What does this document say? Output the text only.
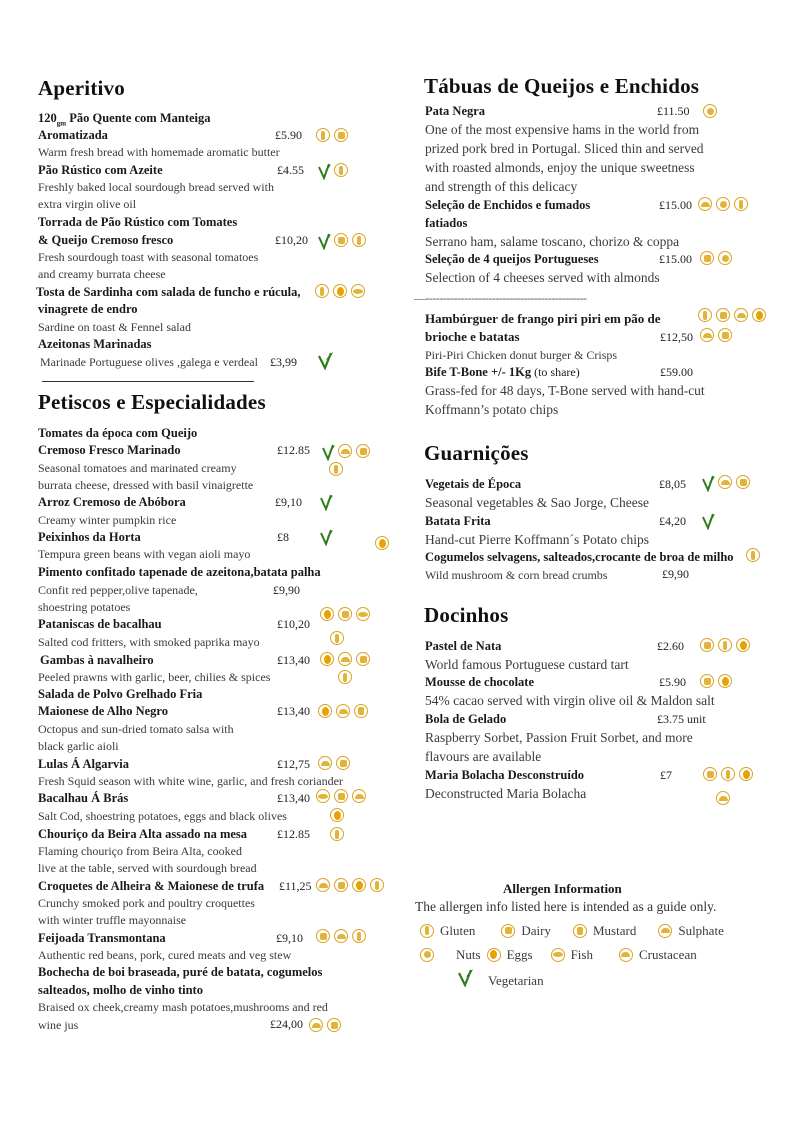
Aperitivo
$120_{gm}$ Pão Quente com Manteiga
Aromatizada	£5.90
Warm fresh bread with homemade aromatic butter
Pão Rústico com Azeite	£4.55
Freshly baked local sourdough bread served with
extra virgin olive oil
Torrada de Pão Rústico com Tomates
& Queijo Cremoso fresco	£10,20
Fresh sourdough toast with seasonal tomatoes
and creamy burrata cheese
Tosta de Sardinha com salada de funcho e rúcula,
vinagrete de endro
Sardine on toast & Fennel salad
Azeitonas Marinadas
Marinade Portuguese olives ,galega e verdeal £3,99
Petiscos e Especialidades
Tomates da época com Queijo
Cremoso Fresco Marinado	£12.85
Seasonal tomatoes and marinated creamy
burrata cheese, dressed with basil vinaigrette
Arroz Cremoso de Abóbora	£9,10
Creamy winter pumpkin rice
Peixinhos da Horta	£8
Tempura green beans with vegan aioli mayo
Pimento confitado tapenade de azeitona,batata palha
Confit red pepper,olive tapenade,	£9,90
shoestring potatoes
Pataniscas de bacalhau	£10,20
Salted cod fritters, with smoked paprika mayo
Gambas à navalheiro	£13,40
Peeled prawns with garlic, beer, chilies & spices
Salada de Polvo Grelhado Fria
Maionese de Alho Negro	£13,40
Octopus and sun-dried tomato salsa with
black garlic aioli
Lulas Á Algarvia	£12,75
Fresh Squid season with white wine, garlic, and fresh coriander
Bacalhau Á Brás	£13,40
Salt Cod, shoestring potatoes, eggs and black olives
Chouriço da Beira Alta assado na mesa £12.85
Flaming chouriço from Beira Alta, cooked
live at the table, served with sourdough bread
Croquetes de Alheira & Maionese de trufa £11,25
Crunchy smoked pork and poultry croquettes
with winter truffle mayonnaise
Feijoada Transmontana	£9,10
Authentic red beans, pork, cured meats and veg stew
Bochecha de boi braseada, puré de batata, cogumelos
salteados, molho de vinho tinto
Braised ox cheek,creamy mash potatoes,mushrooms and red
wine jus	£24,00
Tábuas de Queijos e Enchidos
Pata Negra	£11.50
One of the most expensive hams in the world from
prized pork bred in Portugal. Sliced thin and served
with roasted almonds, enjoy the unique sweetness
and strength of this delicacy
Seleção de Enchidos e fumados	£15.00
fatiados
Serrano ham, salame toscano, chorizo & coppa
Seleção de 4 queijos Portugueses	£15.00
Selection of 4 cheeses served with almonds
—----------------------------------------------
Hambúrguer de frango piri piri em pão de
brioche e batatas	£12,50
Piri-Piri Chicken donut burger & Crisps
Bife T-Bone +/- 1Kg (to share)	£59.00
Grass-fed for 48 days, T-Bone served with hand-cut
Koffmann’s potato chips
Guarnições
Vegetais de Época	£8,05
Seasonal vegetables & Sao Jorge, Cheese
Batata Frita	£4,20
Hand-cut Pierre Koffmann´s Potato chips
Cogumelos selvagens, salteados,crocante de broa de milho
Wild mushroom & corn bread crumbs	£9,90
Docinhos
Pastel de Nata	£2.60
World famous Portuguese custard tart
Mousse de chocolate	£5.90
54% cacao served with virgin olive oil & Maldon salt
Bola de Gelado	£3.75 unit
Raspberry Sorbet, Passion Fruit Sorbet, and more
flavours are available
Maria Bolacha Desconstruído	£7
Deconstructed Maria Bolacha
Allergen Information
The allergen info listed here is intended as a guide only.
Gluten	Dairy	Mustard	Sulphate
Nuts Eggs	Fish	Crustacean
Vegetarian
